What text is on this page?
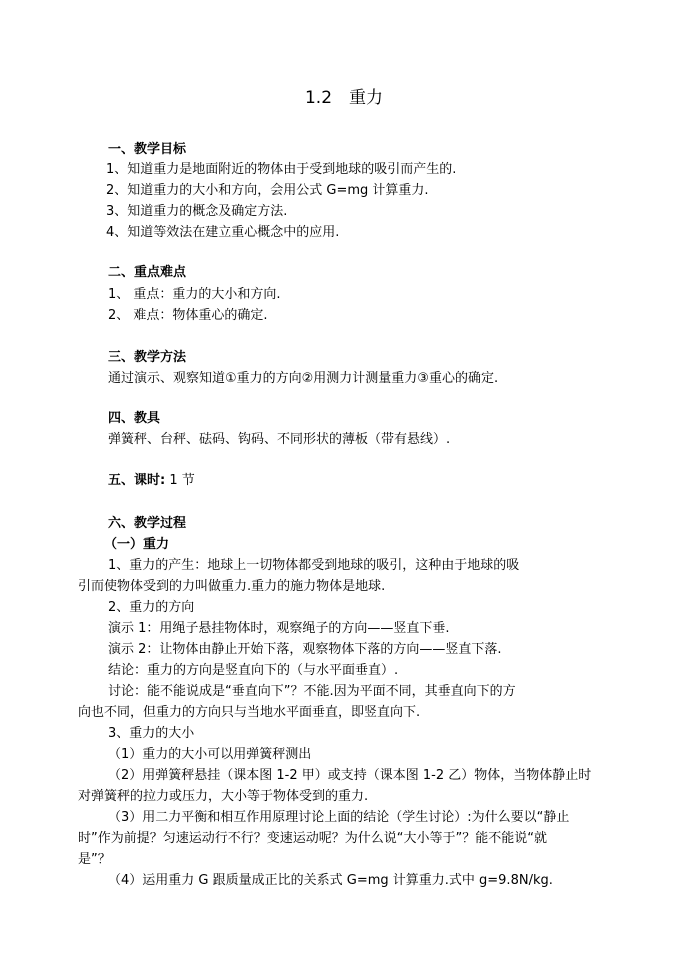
1.2　重力
一、教学目标
1、知道重力是地面附近的物体由于受到地球的吸引而产生的.
2、知道重力的大小和方向，会用公式 G=mg 计算重力.
3、知道重力的概念及确定方法.
4、知道等效法在建立重心概念中的应用.
二、重点难点
1、 重点：重力的大小和方向.
2、 难点：物体重心的确定.
三、教学方法
通过演示、观察知道①重力的方向②用测力计测量重力③重心的确定.
四、教具
弹簧秤、台秤、砝码、钩码、不同形状的薄板（带有悬线）.
五、课时: 1 节
六、教学过程
（一）重力
1、重力的产生：地球上一切物体都受到地球的吸引，这种由于地球的吸
引而使物体受到的力叫做重力.重力的施力物体是地球.
2、重力的方向
演示 1：用绳子悬挂物体时，观察绳子的方向——竖直下垂.
演示 2：让物体由静止开始下落，观察物体下落的方向——竖直下落.
结论：重力的方向是竖直向下的（与水平面垂直）.
讨论：能不能说成是“垂直向下”？不能.因为平面不同，其垂直向下的方
向也不同，但重力的方向只与当地水平面垂直，即竖直向下.
3、重力的大小
（1）重力的大小可以用弹簧秤测出
（2）用弹簧秤悬挂（课本图 1-2 甲）或支持（课本图 1-2 乙）物体，当物体静止时
对弹簧秤的拉力或压力，大小等于物体受到的重力.
（3）用二力平衡和相互作用原理讨论上面的结论（学生讨论）:为什么要以“静止
时”作为前提？匀速运动行不行？变速运动呢？为什么说“大小等于”？能不能说“就
是”？
（4）运用重力 G 跟质量成正比的关系式 G=mg 计算重力.式中 g=9.8N/kg.
